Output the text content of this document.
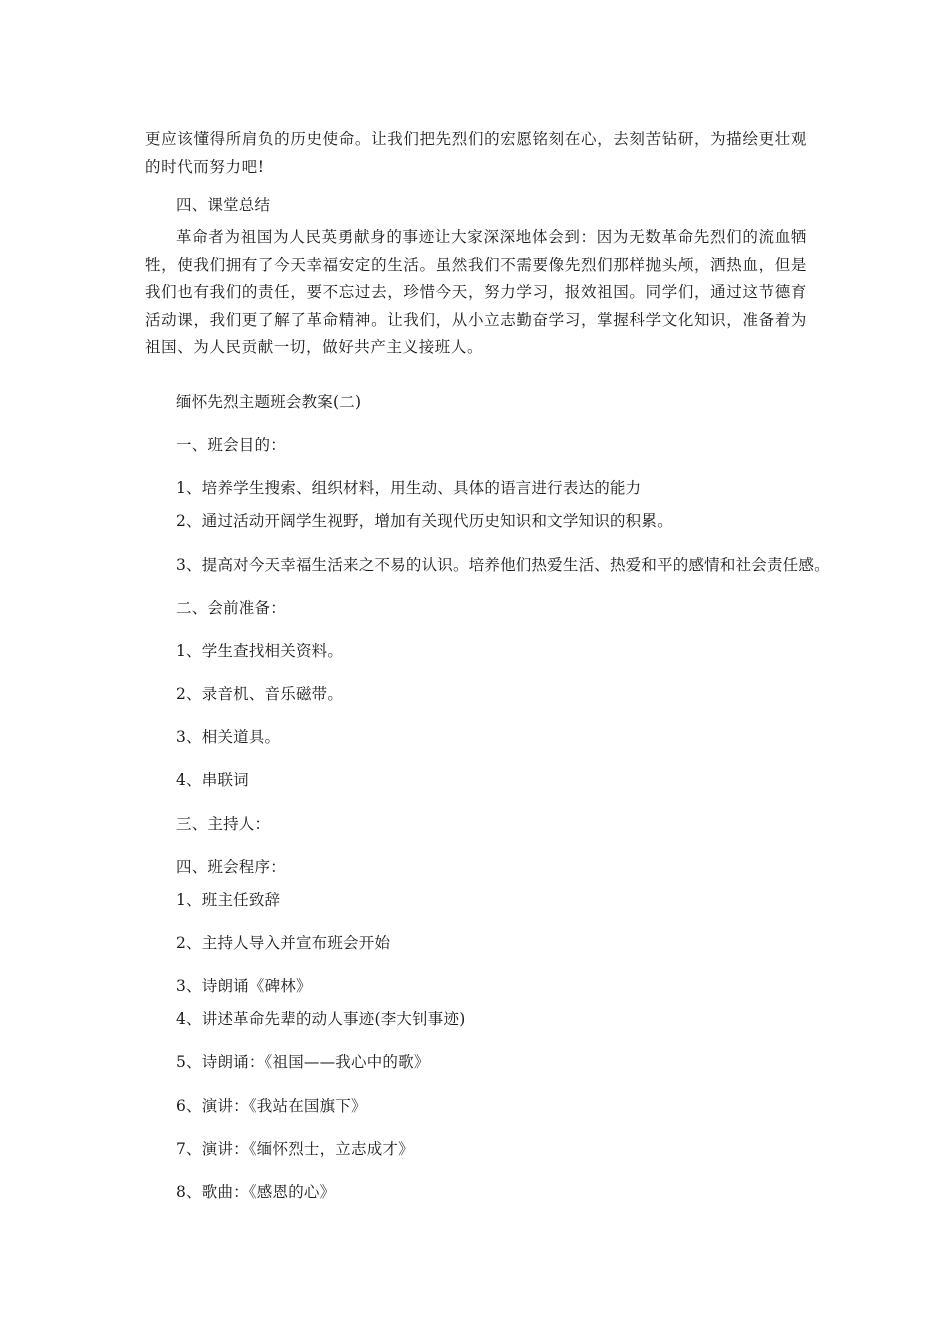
更应该懂得所肩负的历史使命。让我们把先烈们的宏愿铭刻在心，去刻苦钻研，为描绘更壮观的时代而努力吧!
四、课堂总结
革命者为祖国为人民英勇献身的事迹让大家深深地体会到：因为无数革命先烈们的流血牺牲，使我们拥有了今天幸福安定的生活。虽然我们不需要像先烈们那样抛头颅，洒热血，但是我们也有我们的责任，要不忘过去，珍惜今天，努力学习，报效祖国。同学们，通过这节德育活动课，我们更了解了革命精神。让我们，从小立志勤奋学习，掌握科学文化知识，准备着为祖国、为人民贡献一切，做好共产主义接班人。
缅怀先烈主题班会教案(二)
一、班会目的：
1、培养学生搜索、组织材料，用生动、具体的语言进行表达的能力
2、通过活动开阔学生视野，增加有关现代历史知识和文学知识的积累。
3、提高对今天幸福生活来之不易的认识。培养他们热爱生活、热爱和平的感情和社会责任感。
二、会前准备：
1、学生查找相关资料。
2、录音机、音乐磁带。
3、相关道具。
4、串联词
三、主持人：
四、班会程序：
1、班主任致辞
2、主持人导入并宣布班会开始
3、诗朗诵《碑林》
4、讲述革命先辈的动人事迹(李大钊事迹)
5、诗朗诵：《祖国——我心中的歌》
6、演讲：《我站在国旗下》
7、演讲：《缅怀烈士，立志成才》
8、歌曲：《感恩的心》
